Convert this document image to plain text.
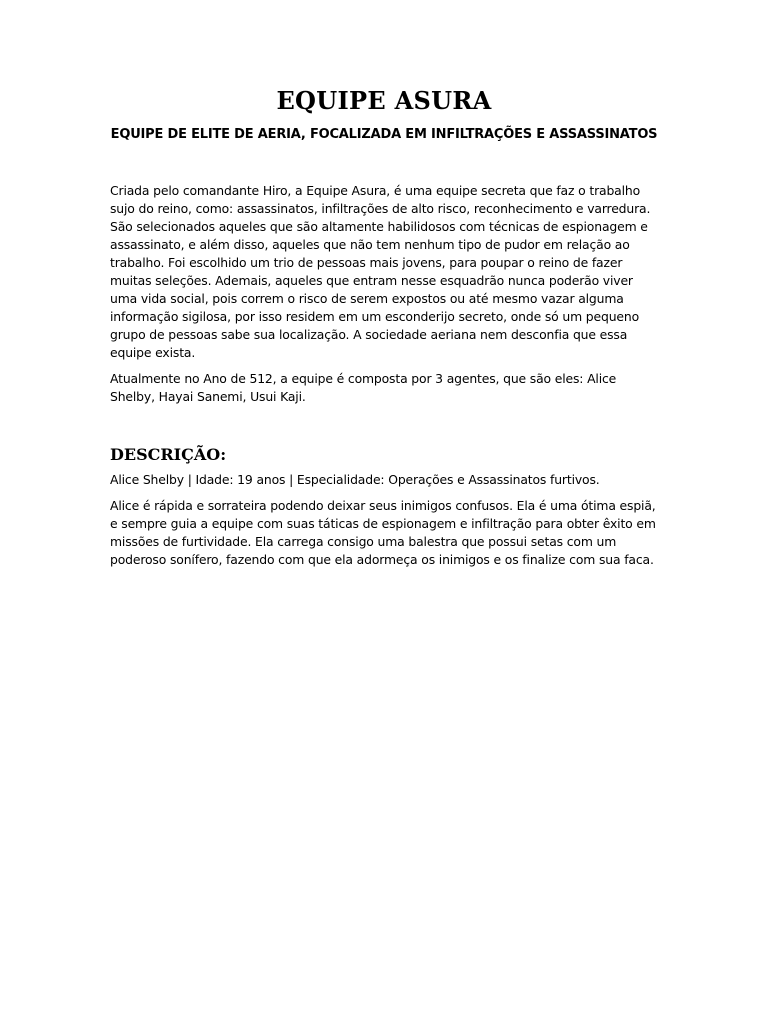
EQUIPE ASURA
EQUIPE DE ELITE DE AERIA, FOCALIZADA EM INFILTRAÇÕES E ASSASSINATOS

Criada pelo comandante Hiro, a Equipe Asura, é uma equipe secreta que faz o trabalho sujo do reino, como: assassinatos, infiltrações de alto risco, reconhecimento e varredura. São selecionados aqueles que são altamente habilidosos com técnicas de espionagem e assassinato, e além disso, aqueles que não tem nenhum tipo de pudor em relação ao trabalho. Foi escolhido um trio de pessoas mais jovens, para poupar o reino de fazer muitas seleções. Ademais, aqueles que entram nesse esquadrão nunca poderão viver uma vida social, pois correm o risco de serem expostos ou até mesmo vazar alguma informação sigilosa, por isso residem em um esconderijo secreto, onde só um pequeno grupo de pessoas sabe sua localização. A sociedade aeriana nem desconfia que essa equipe exista.

Atualmente no Ano de 512, a equipe é composta por 3 agentes, que são eles: Alice Shelby, Hayai Sanemi, Usui Kaji.

DESCRIÇÃO:

Alice Shelby | Idade: 19 anos | Especialidade: Operações e Assassinatos furtivos.

Alice é rápida e sorrateira podendo deixar seus inimigos confusos. Ela é uma ótima espiã, e sempre guia a equipe com suas táticas de espionagem e infiltração para obter êxito em missões de furtividade. Ela carrega consigo uma balestra que possui setas com um poderoso sonífero, fazendo com que ela adormeça os inimigos e os finalize com sua faca.
